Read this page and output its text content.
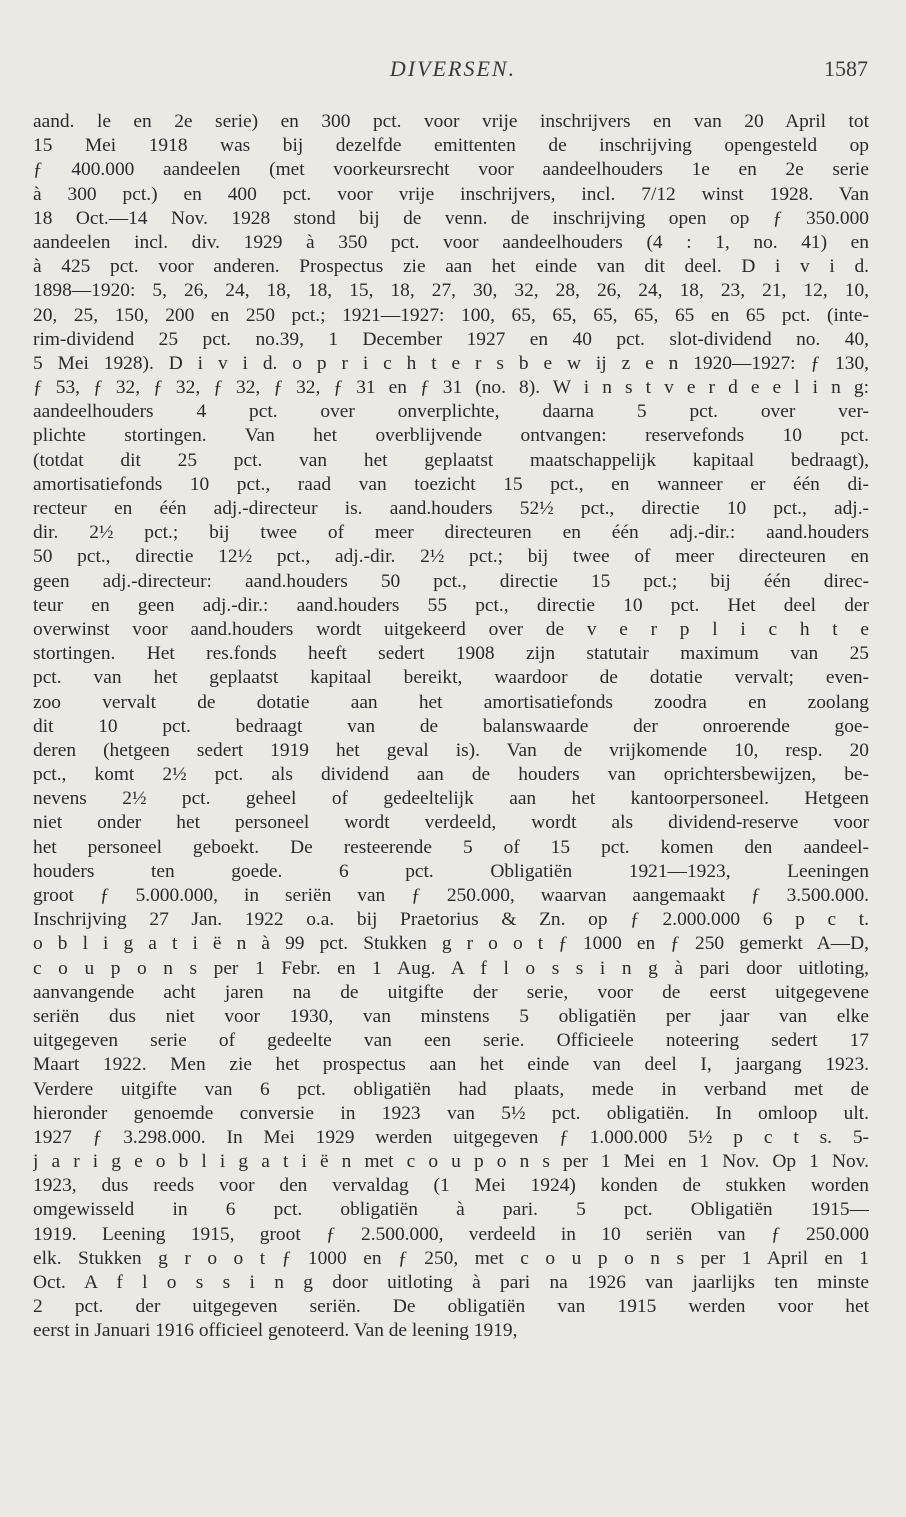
DIVERSEN.	1587
aand. le en 2e serie) en 300 pct. voor vrije inschrijvers en van 20 April tot
15 Mei 1918 was bij dezelfde emittenten de inschrijving opengesteld op
ƒ 400.000 aandeelen (met voorkeursrecht voor aandeelhouders 1e en 2e serie
à 300 pct.) en 400 pct. voor vrije inschrijvers, incl. 7/12 winst 1928. Van
18 Oct.—14 Nov. 1928 stond bij de venn. de inschrijving open op ƒ 350.000
aandeelen incl. div. 1929 à 350 pct. voor aandeelhouders (4 : 1, no. 41) en
à 425 pct. voor anderen. Prospectus zie aan het einde van dit deel. D i v i d.
1898—1920: 5, 26, 24, 18, 18, 15, 18, 27, 30, 32, 28, 26, 24, 18, 23, 21, 12, 10,
20, 25, 150, 200 en 250 pct.; 1921—1927: 100, 65, 65, 65, 65, 65 en 65 pct. (inte-
rim-dividend 25 pct. no.39, 1 December 1927 en 40 pct. slot-dividend no. 40,
5 Mei 1928). D i v i d. o p r i c h t e r s b e w ij z e n 1920—1927: ƒ 130,
ƒ 53, ƒ 32, ƒ 32, ƒ 32, ƒ 32, ƒ 31 en ƒ 31 (no. 8). W i n s t v e r d e e l i n g:
aandeelhouders 4 pct. over onverplichte, daarna 5 pct. over ver-
plichte stortingen. Van het overblijvende ontvangen: reservefonds 10 pct.
(totdat dit 25 pct. van het geplaatst maatschappelijk kapitaal bedraagt),
amortisatiefonds 10 pct., raad van toezicht 15 pct., en wanneer er één di-
recteur en één adj.-directeur is. aand.houders 52½ pct., directie 10 pct., adj.-
dir. 2½ pct.; bij twee of meer directeuren en één adj.-dir.: aand.houders
50 pct., directie 12½ pct., adj.-dir. 2½ pct.; bij twee of meer directeuren en
geen adj.-directeur: aand.houders 50 pct., directie 15 pct.; bij één direc-
teur en geen adj.-dir.: aand.houders 55 pct., directie 10 pct. Het deel der
overwinst voor aand.houders wordt uitgekeerd over de v e r p l i c h t e
stortingen. Het res.fonds heeft sedert 1908 zijn statutair maximum van 25
pct. van het geplaatst kapitaal bereikt, waardoor de dotatie vervalt; even-
zoo vervalt de dotatie aan het amortisatiefonds zoodra en zoolang
dit 10 pct. bedraagt van de balanswaarde der onroerende goe-
deren (hetgeen sedert 1919 het geval is). Van de vrijkomende 10, resp. 20
pct., komt 2½ pct. als dividend aan de houders van oprichtersbewijzen, be-
nevens 2½ pct. geheel of gedeeltelijk aan het kantoorpersoneel. Hetgeen
niet onder het personeel wordt verdeeld, wordt als dividend-reserve voor
het personeel geboekt. De resteerende 5 of 15 pct. komen den aandeel-
houders ten goede. 6 pct. Obligatiën 1921—1923, Leeningen
groot ƒ 5.000.000, in seriën van ƒ 250.000, waarvan aangemaakt ƒ 3.500.000.
Inschrijving 27 Jan. 1922 o.a. bij Praetorius & Zn. op ƒ 2.000.000 6 p c t.
o b l i g a t i ë n à 99 pct. Stukken g r o o t ƒ 1000 en ƒ 250 gemerkt A—D,
c o u p o n s per 1 Febr. en 1 Aug. A f l o s s i n g à pari door uitloting,
aanvangende acht jaren na de uitgifte der serie, voor de eerst uitgegevene
seriën dus niet voor 1930, van minstens 5 obligatiën per jaar van elke
uitgegeven serie of gedeelte van een serie. Officieele noteering sedert 17
Maart 1922. Men zie het prospectus aan het einde van deel I, jaargang 1923.
Verdere uitgifte van 6 pct. obligatiën had plaats, mede in verband met de
hieronder genoemde conversie in 1923 van 5½ pct. obligatiën. In omloop ult.
1927 ƒ 3.298.000. In Mei 1929 werden uitgegeven ƒ 1.000.000 5½ p c t s. 5-
j a r i g e o b l i g a t i ë n met c o u p o n s per 1 Mei en 1 Nov. Op 1 Nov.
1923, dus reeds voor den vervaldag (1 Mei 1924) konden de stukken worden
omgewisseld in 6 pct. obligatiën à pari. 5 pct. Obligatiën 1915—
1919. Leening 1915, groot ƒ 2.500.000, verdeeld in 10 seriën van ƒ 250.000
elk. Stukken g r o o t ƒ 1000 en ƒ 250, met c o u p o n s per 1 April en 1
Oct. A f l o s s i n g door uitloting à pari na 1926 van jaarlijks ten minste
2 pct. der uitgegeven seriën. De obligatiën van 1915 werden voor het
eerst in Januari 1916 officieel genoteerd. Van de leening 1919,
